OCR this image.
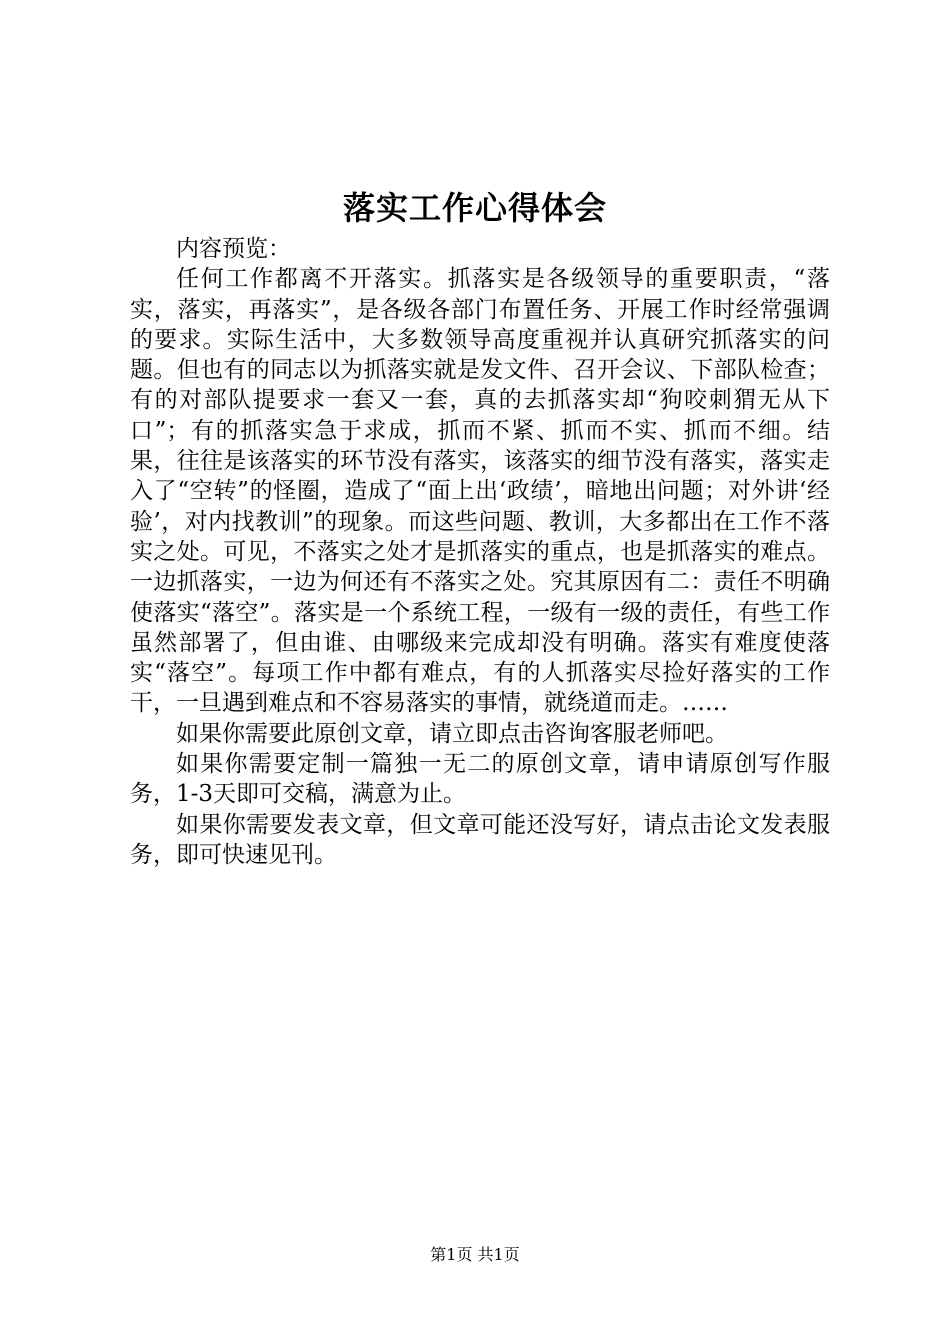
落实工作心得体会

内容预览：

任何工作都离不开落实。抓落实是各级领导的重要职责，“落实，落实，再落实”，是各级各部门布置任务、开展工作时经常强调的要求。实际生活中，大多数领导高度重视并认真研究抓落实的问题。但也有的同志以为抓落实就是发文件、召开会议、下部队检查；有的对部队提要求一套又一套，真的去抓落实却“狗咬刺猬无从下口”；有的抓落实急于求成，抓而不紧、抓而不实、抓而不细。结果，往往是该落实的环节没有落实，该落实的细节没有落实，落实走入了“空转”的怪圈，造成了“面上出‘政绩’，暗地出问题；对外讲‘经验’，对内找教训”的现象。而这些问题、教训，大多都出在工作不落实之处。可见，不落实之处才是抓落实的重点，也是抓落实的难点。一边抓落实，一边为何还有不落实之处。究其原因有二：责任不明确使落实“落空”。落实是一个系统工程，一级有一级的责任，有些工作虽然部署了，但由谁、由哪级来完成却没有明确。落实有难度使落实“落空”。每项工作中都有难点，有的人抓落实尽捡好落实的工作干，一旦遇到难点和不容易落实的事情，就绕道而走。……

如果你需要此原创文章，请立即点击咨询客服老师吧。

如果你需要定制一篇独一无二的原创文章，请申请原创写作服务，1-3天即可交稿，满意为止。

如果你需要发表文章，但文章可能还没写好，请点击论文发表服务，即可快速见刊。

第1页 共1页
